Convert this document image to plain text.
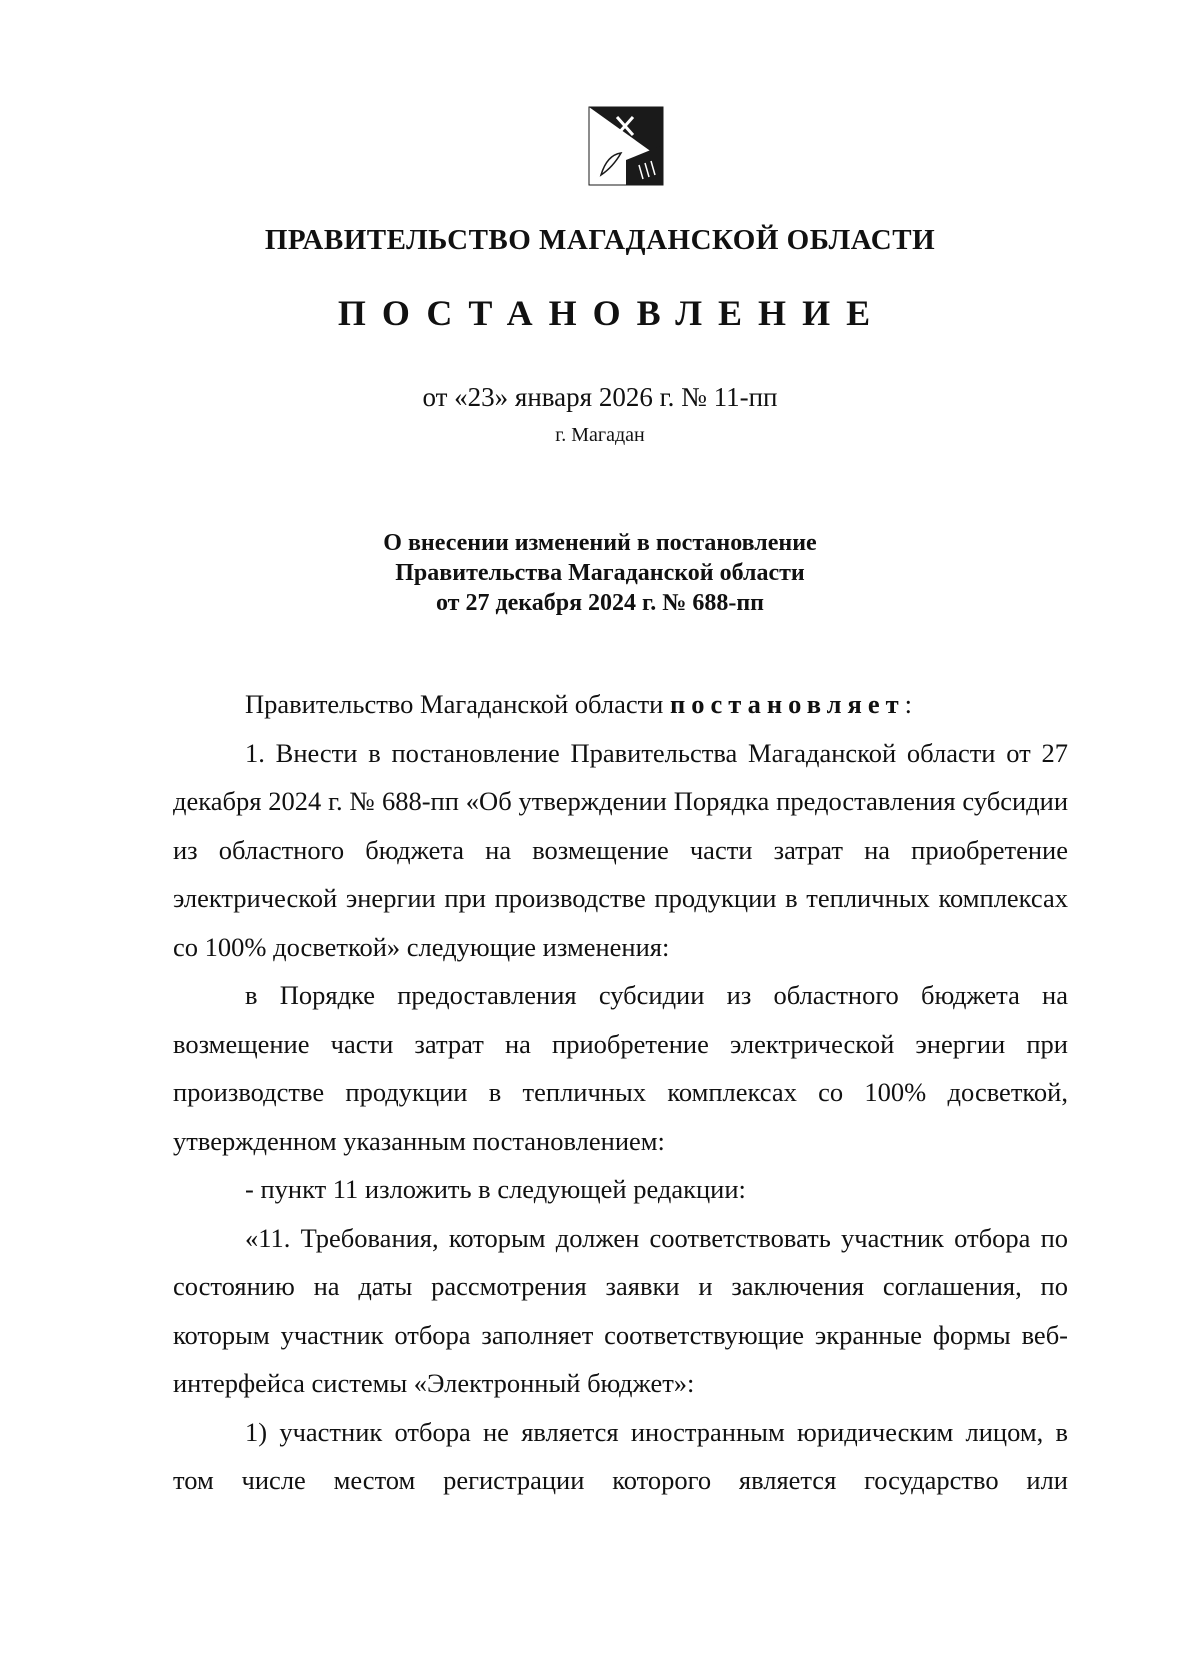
ПРАВИТЕЛЬСТВО МАГАДАНСКОЙ ОБЛАСТИ
ПОСТАНОВЛЕНИЕ
от «23» января 2026 г. № 11-пп
г. Магадан
О внесении изменений в постановление
Правительства Магаданской области
от 27 декабря 2024 г. № 688-пп

Правительство Магаданской области постановляет:

1. Внести в постановление Правительства Магаданской области от 27 декабря 2024 г. № 688-пп «Об утверждении Порядка предоставления субсидии из областного бюджета на возмещение части затрат на приобретение электрической энергии при производстве продукции в тепличных комплексах со 100% досветкой» следующие изменения:

в Порядке предоставления субсидии из областного бюджета на возмещение части затрат на приобретение электрической энергии при производстве продукции в тепличных комплексах со 100% досветкой, утвержденном указанным постановлением:

- пункт 11 изложить в следующей редакции:

«11. Требования, которым должен соответствовать участник отбора по состоянию на даты рассмотрения заявки и заключения соглашения, по которым участник отбора заполняет соответствующие экранные формы веб-интерфейса системы «Электронный бюджет»:

1) участник отбора не является иностранным юридическим лицом, в том числе местом регистрации которого является государство или
